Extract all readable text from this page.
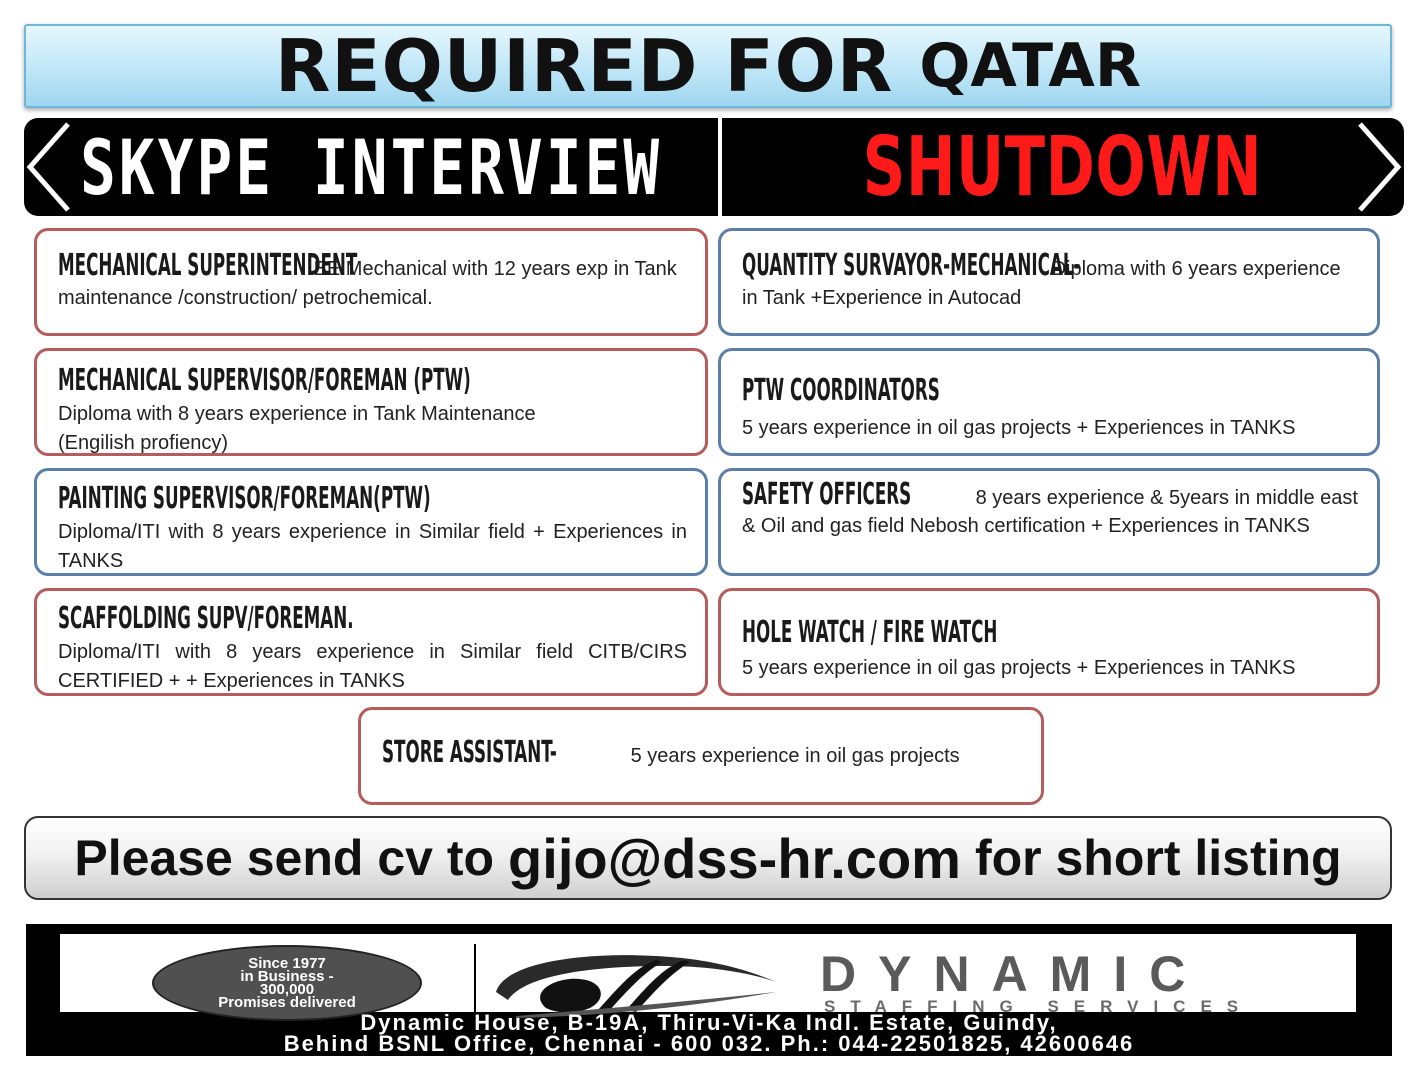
REQUIRED FOR QATAR
SKYPE INTERVIEW SHUTDOWN
MECHANICAL SUPERINTENDENT BE Mechanical with 12 years exp in Tank maintenance /construction/ petrochemical.
QUANTITY SURVAYOR-MECHANICAL- Diploma with 6 years experience in Tank +Experience in Autocad
MECHANICAL SUPERVISOR/FOREMAN (PTW)
Diploma with 8 years experience in Tank Maintenance (Engilish profiency)
PTW COORDINATORS
5 years experience in oil gas projects + Experiences in TANKS
PAINTING SUPERVISOR/FOREMAN(PTW)
Diploma/ITI with 8 years experience in Similar field + Experiences in TANKS
SAFETY OFFICERS	8 years experience & 5years in middle east & Oil and gas field Nebosh certification + Experiences in TANKS
SCAFFOLDING SUPV/FOREMAN.
Diploma/ITI with 8 years experience in Similar field CITB/CIRS CERTIFIED + + Experiences in TANKS
HOLE WATCH / FIRE WATCH
5 years experience in oil gas projects + Experiences in TANKS
STORE ASSISTANT-	5 years experience in oil gas projects
Please send cv to gijo@dss-hr.com for short listing
Since 1977
in Business -
300,000
Promises delivered
DYNAMIC
STAFFING SERVICES
Dynamic House, B-19A, Thiru-Vi-Ka Indl. Estate, Guindy,
Behind BSNL Office, Chennai - 600 032. Ph.: 044-22501825, 42600646
